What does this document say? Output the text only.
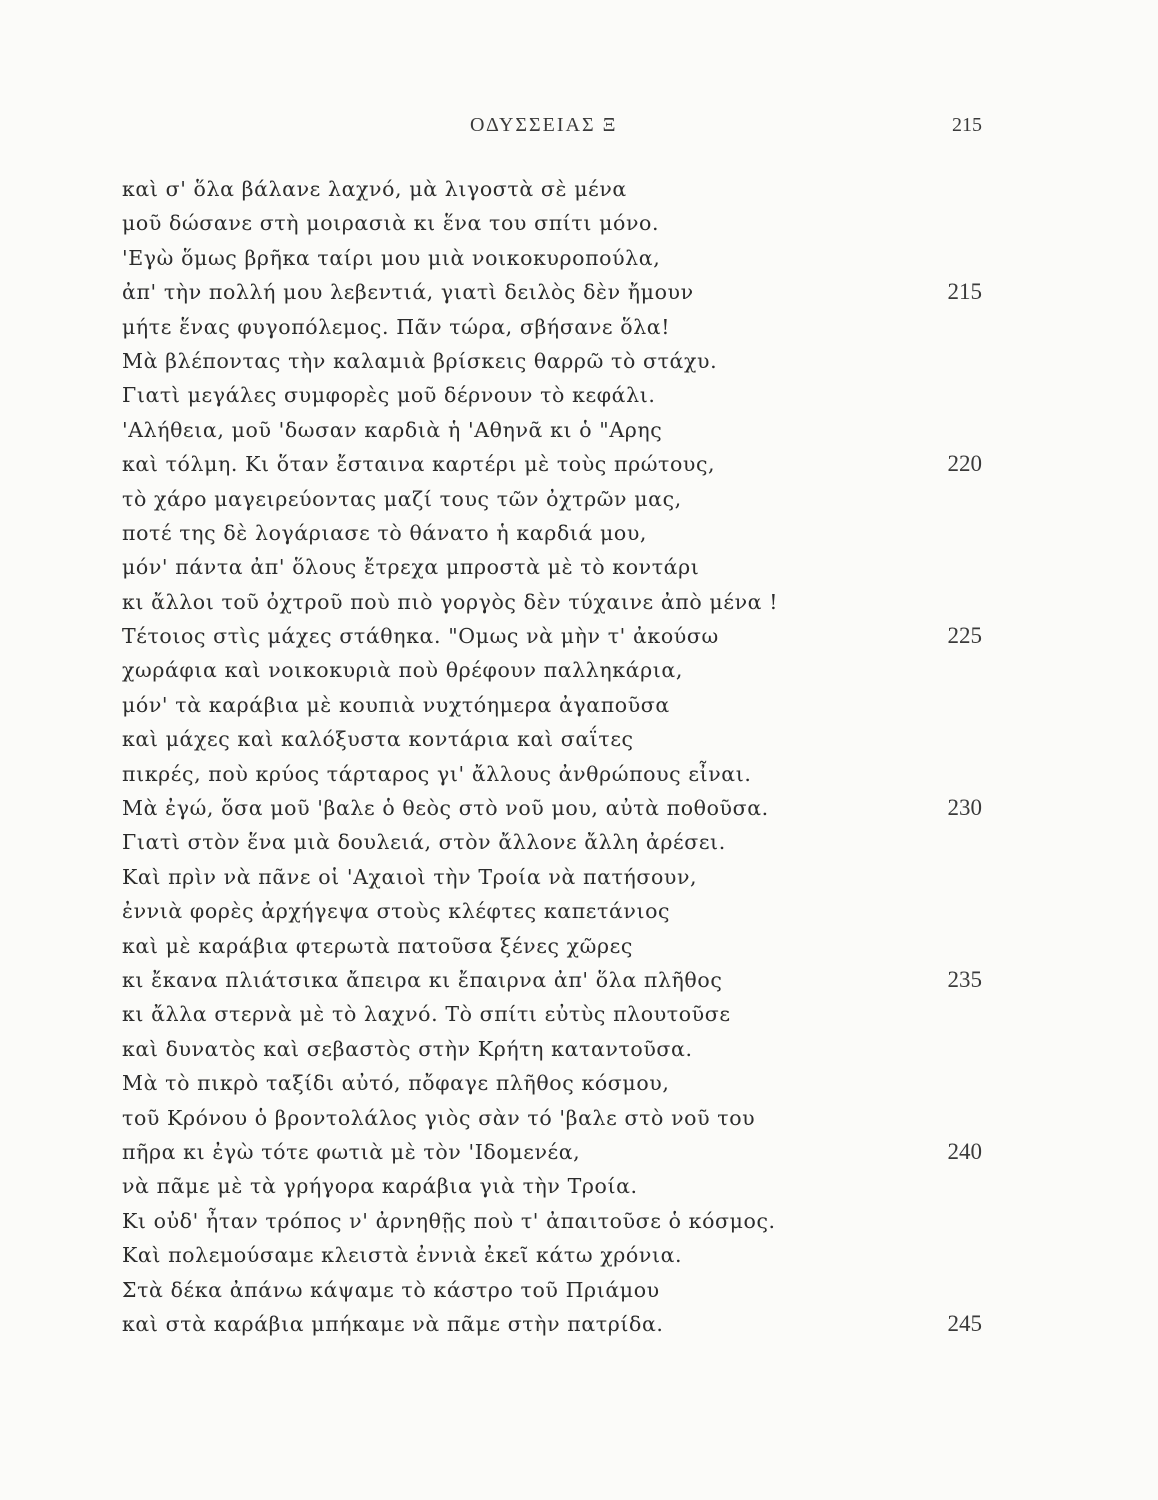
ΟΔΥΣΣΕΙΑΣ Ξ	215
καὶ σ' ὅλα βάλανε λαχνό, μὰ λιγοστὰ σὲ μένα
μοῦ δώσανε στὴ μοιρασιὰ κι ἕνα του σπίτι μόνο.
'Εγὼ ὅμως βρῆκα ταίρι μου μιὰ νοικοκυροπούλα,
ἀπ' τὴν πολλή μου λεβεντιά, γιατὶ δειλὸς δὲν ἤμουν	215
μήτε ἕνας φυγοπόλεμος. Πᾶν τώρα, σβήσανε ὅλα!
Μὰ βλέποντας τὴν καλαμιὰ βρίσκεις θαρρῶ τὸ στάχυ.
Γιατὶ μεγάλες συμφορὲς μοῦ δέρνουν τὸ κεφάλι.
'Αλήθεια, μοῦ 'δωσαν καρδιὰ ἡ 'Αθηνᾶ κι ὁ "Αρης
καὶ τόλμη. Κι ὅταν ἔσταινα καρτέρι μὲ τοὺς πρώτους,	220
τὸ χάρο μαγειρεύοντας μαζί τους τῶν ὀχτρῶν μας,
ποτέ της δὲ λογάριασε τὸ θάνατο ἡ καρδιά μου,
μόν' πάντα ἀπ' ὅλους ἔτρεχα μπροστὰ μὲ τὸ κοντάρι
κι ἄλλοι τοῦ ὀχτροῦ ποὺ πιὸ γοργὸς δὲν τύχαινε ἀπὸ μένα !
Τέτοιος στὶς μάχες στάθηκα. "Ομως νὰ μὴν τ' ἀκούσω	225
χωράφια καὶ νοικοκυριὰ ποὺ θρέφουν παλληκάρια,
μόν' τὰ καράβια μὲ κουπιὰ νυχτόημερα ἀγαποῦσα
καὶ μάχες καὶ καλόξυστα κοντάρια καὶ σαΐτες
πικρές, ποὺ κρύος τάρταρος γι' ἄλλους ἀνθρώπους εἶναι.
Μὰ ἐγώ, ὅσα μοῦ 'βαλε ὁ θεὸς στὸ νοῦ μου, αὐτὰ ποθοῦσα.	230
Γιατὶ στὸν ἕνα μιὰ δουλειά, στὸν ἄλλονε ἄλλη ἀρέσει.
Καὶ πρὶν νὰ πᾶνε οἱ 'Αχαιοὶ τὴν Τροία νὰ πατήσουν,
ἐννιὰ φορὲς ἀρχήγεψα στοὺς κλέφτες καπετάνιος
καὶ μὲ καράβια φτερωτὰ πατοῦσα ξένες χῶρες
κι ἔκανα πλιάτσικα ἄπειρα κι ἔπαιρνα ἀπ' ὅλα πλῆθος	235
κι ἄλλα στερνὰ μὲ τὸ λαχνό. Τὸ σπίτι εὐτὺς πλουτοῦσε
καὶ δυνατὸς καὶ σεβαστὸς στὴν Κρήτη καταντοῦσα.
Μὰ τὸ πικρὸ ταξίδι αὐτό, πὄφαγε πλῆθος κόσμου,
τοῦ Κρόνου ὁ βροντολάλος γιὸς σὰν τό 'βαλε στὸ νοῦ του
πῆρα κι ἐγὼ τότε φωτιὰ μὲ τὸν 'Ιδομενέα,	240
νὰ πᾶμε μὲ τὰ γρήγορα καράβια γιὰ τὴν Τροία.
Κι οὐδ' ἦταν τρόπος ν' ἀρνηθῇς ποὺ τ' ἀπαιτοῦσε ὁ κόσμος.
Καὶ πολεμούσαμε κλειστὰ ἐννιὰ ἐκεῖ κάτω χρόνια.
Στὰ δέκα ἀπάνω κάψαμε τὸ κάστρο τοῦ Πριάμου
καὶ στὰ καράβια μπήκαμε νὰ πᾶμε στὴν πατρίδα.	245
